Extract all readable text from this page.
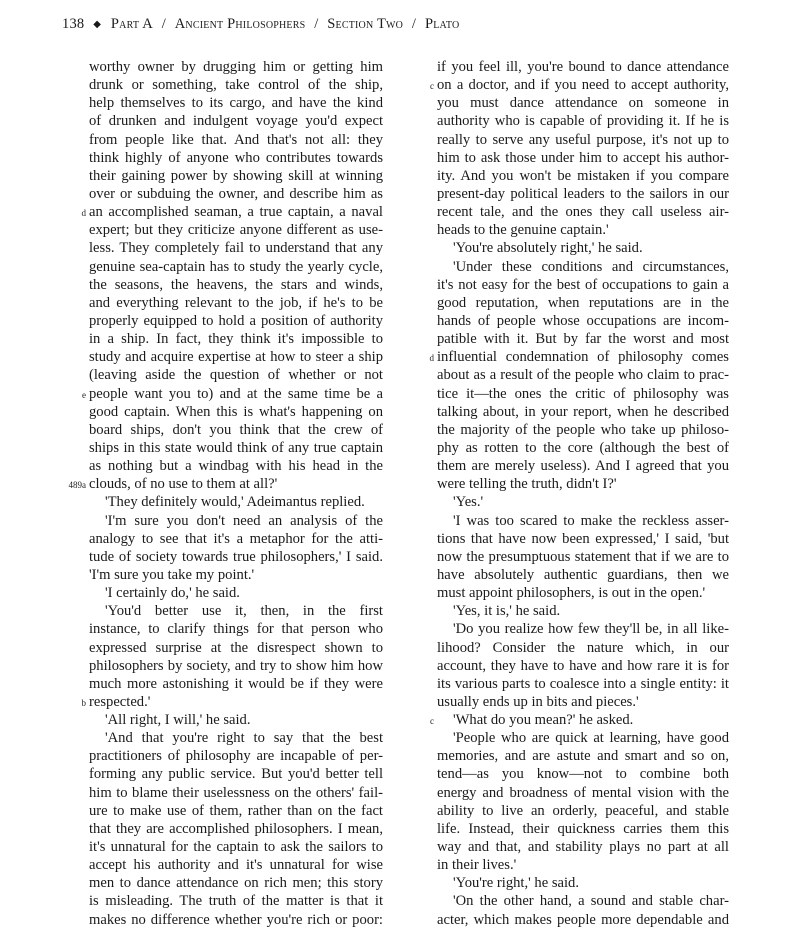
138 ◆ Part A / Ancient Philosophers / Section Two / Plato
worthy owner by drugging him or getting him
drunk or something, take control of the ship,
help themselves to its cargo, and have the kind
of drunken and indulgent voyage you'd expect
from people like that. And that's not all: they
think highly of anyone who contributes towards
their gaining power by showing skill at winning
over or subduing the owner, and describe him as
an accomplished seaman, a true captain, a naval
d
expert; but they criticize anyone different as use-
less. They completely fail to understand that any
genuine sea-captain has to study the yearly cycle,
the seasons, the heavens, the stars and winds,
and everything relevant to the job, if he's to be
properly equipped to hold a position of authority
in a ship. In fact, they think it's impossible to
study and acquire expertise at how to steer a ship
(leaving aside the question of whether or not
people want you to) and at the same time be a
e
good captain. When this is what's happening on
board ships, don't you think that the crew of
ships in this state would think of any true captain
as nothing but a windbag with his head in the
clouds, of no use to them at all?'
489a
'They definitely would,' Adeimantus replied.
'I'm sure you don't need an analysis of the
analogy to see that it's a metaphor for the atti-
tude of society towards true philosophers,' I said.
'I'm sure you take my point.'
'I certainly do,' he said.
'You'd better use it, then, in the first
instance, to clarify things for that person who
expressed surprise at the disrespect shown to
philosophers by society, and try to show him how
much more astonishing it would be if they were
respected.'
b
'All right, I will,' he said.
'And that you're right to say that the best
practitioners of philosophy are incapable of per-
forming any public service. But you'd better tell
him to blame their uselessness on the others' fail-
ure to make use of them, rather than on the fact
that they are accomplished philosophers. I mean,
it's unnatural for the captain to ask the sailors to
accept his authority and it's unnatural for wise
men to dance attendance on rich men; this story
is misleading. The truth of the matter is that it
makes no difference whether you're rich or poor:
if you feel ill, you're bound to dance attendance
on a doctor, and if you need to accept authority,
c
you must dance attendance on someone in
authority who is capable of providing it. If he is
really to serve any useful purpose, it's not up to
him to ask those under him to accept his author-
ity. And you won't be mistaken if you compare
present-day political leaders to the sailors in our
recent tale, and the ones they call useless air-
heads to the genuine captain.'
'You're absolutely right,' he said.
'Under these conditions and circumstances,
it's not easy for the best of occupations to gain a
good reputation, when reputations are in the
hands of people whose occupations are incom-
patible with it. But by far the worst and most
influential condemnation of philosophy comes
d
about as a result of the people who claim to prac-
tice it—the ones the critic of philosophy was
talking about, in your report, when he described
the majority of the people who take up philoso-
phy as rotten to the core (although the best of
them are merely useless). And I agreed that you
were telling the truth, didn't I?'
'Yes.'
'I was too scared to make the reckless asser-
tions that have now been expressed,' I said, 'but
now the presumptuous statement that if we are to
have absolutely authentic guardians, then we
must appoint philosophers, is out in the open.'
'Yes, it is,' he said.
'Do you realize how few they'll be, in all like-
lihood? Consider the nature which, in our
account, they have to have and how rare it is for
its various parts to coalesce into a single entity: it
usually ends up in bits and pieces.'
'What do you mean?' he asked.
c
'People who are quick at learning, have good
memories, and are astute and smart and so on,
tend—as you know—not to combine both
energy and broadness of mental vision with the
ability to live an orderly, peaceful, and stable
life. Instead, their quickness carries them this
way and that, and stability plays no part at all
in their lives.'
'You're right,' he said.
'On the other hand, a sound and stable char-
acter, which makes people more dependable and
